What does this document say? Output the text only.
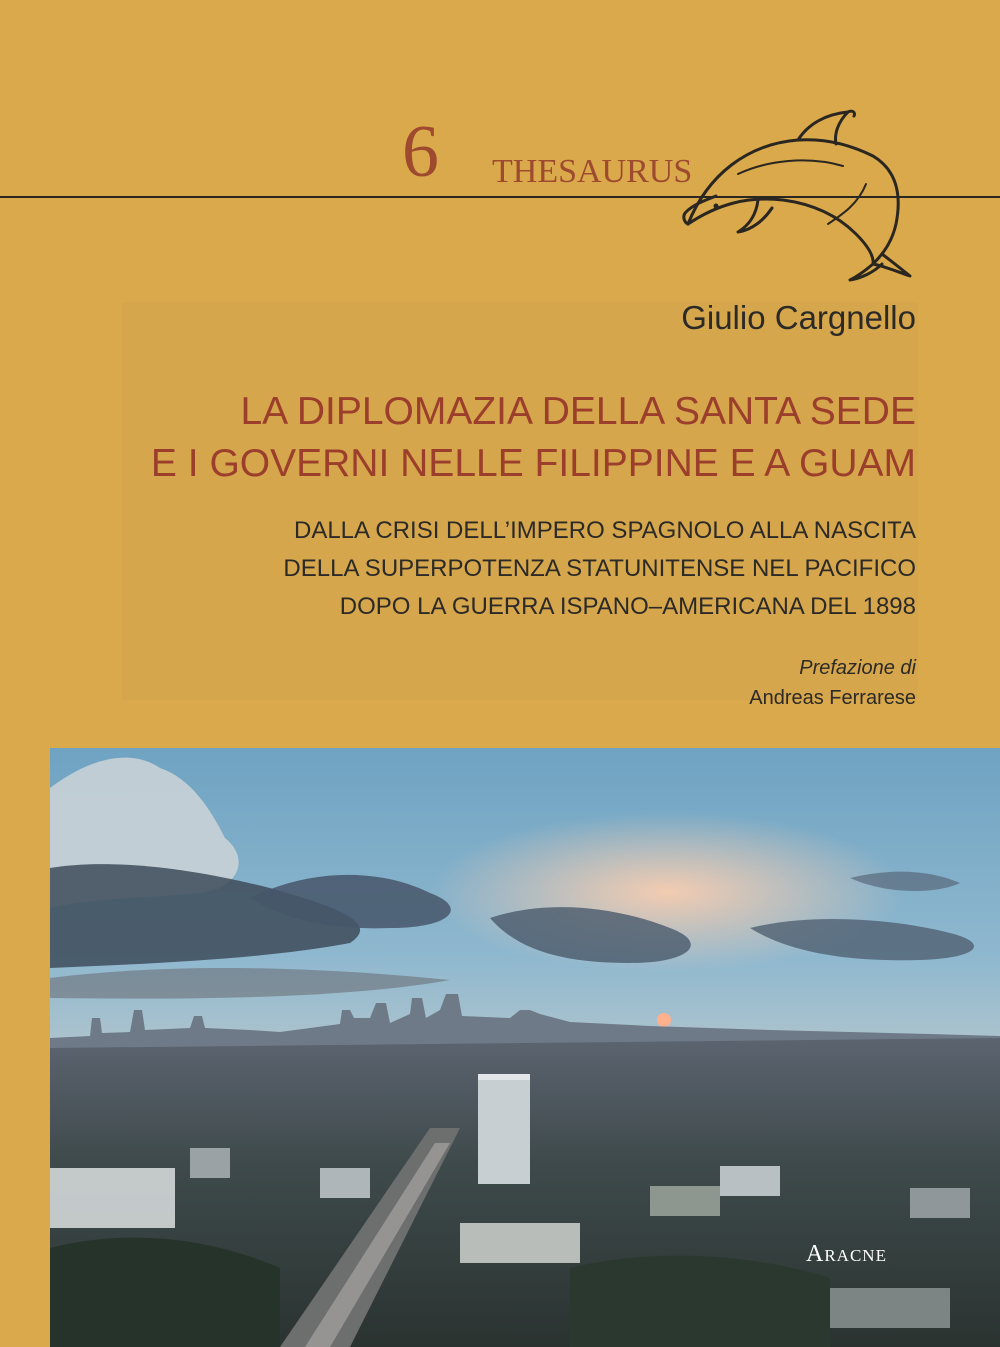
6 THESAURUS
Giulio Cargnello
LA DIPLOMAZIA DELLA SANTA SEDE
E I GOVERNI NELLE FILIPPINE E A GUAM
DALLA CRISI DELL’IMPERO SPAGNOLO ALLA NASCITA
DELLA SUPERPOTENZA STATUNITENSE NEL PACIFICO
DOPO LA GUERRA ISPANO–AMERICANA DEL 1898
Prefazione di
Andreas Ferrarese
Aracne
